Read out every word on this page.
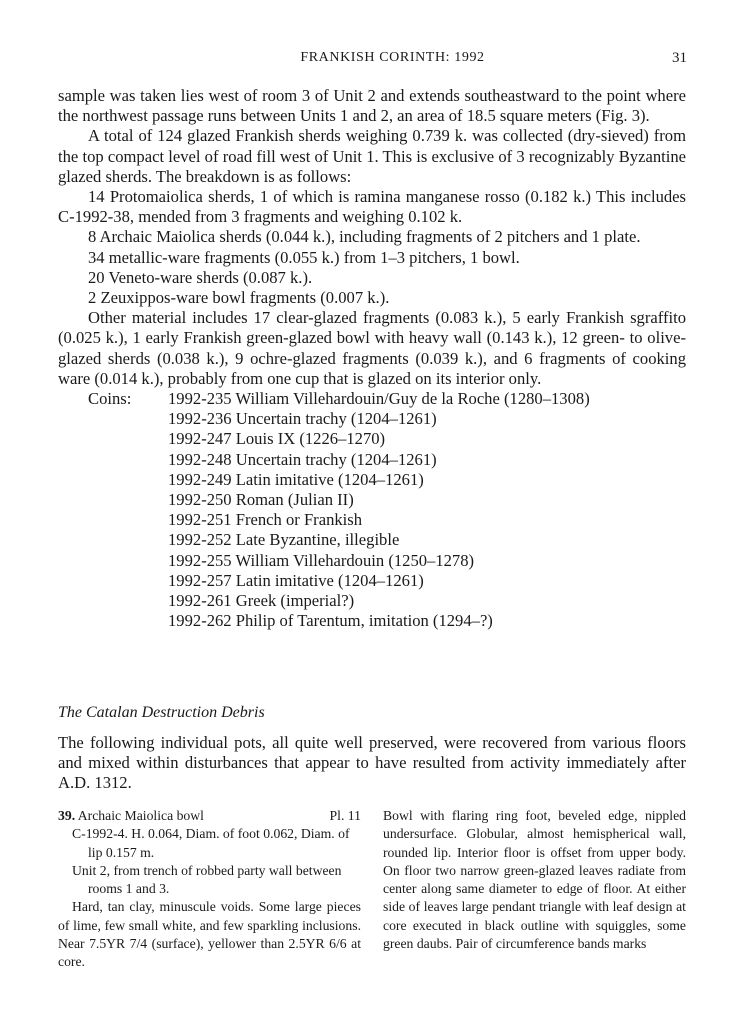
FRANKISH CORINTH: 1992	31

sample was taken lies west of room 3 of Unit 2 and extends southeastward to the point where the northwest passage runs between Units 1 and 2, an area of 18.5 square meters (Fig. 3).

A total of 124 glazed Frankish sherds weighing 0.739 k. was collected (dry-sieved) from the top compact level of road fill west of Unit 1. This is exclusive of 3 recognizably Byzantine glazed sherds. The breakdown is as follows:

14 Protomaiolica sherds, 1 of which is ramina manganese rosso (0.182 k.) This includes C-1992-38, mended from 3 fragments and weighing 0.102 k.

8 Archaic Maiolica sherds (0.044 k.), including fragments of 2 pitchers and 1 plate.

34 metallic-ware fragments (0.055 k.) from 1–3 pitchers, 1 bowl.

20 Veneto-ware sherds (0.087 k.).

2 Zeuxippos-ware bowl fragments (0.007 k.).

Other material includes 17 clear-glazed fragments (0.083 k.), 5 early Frankish sgraffito (0.025 k.), 1 early Frankish green-glazed bowl with heavy wall (0.143 k.), 12 green- to olive-glazed sherds (0.038 k.), 9 ochre-glazed fragments (0.039 k.), and 6 fragments of cooking ware (0.014 k.), probably from one cup that is glazed on its interior only.

Coins:	1992-235 William Villehardouin/Guy de la Roche (1280–1308)
1992-236 Uncertain trachy (1204–1261)
1992-247 Louis IX (1226–1270)
1992-248 Uncertain trachy (1204–1261)
1992-249 Latin imitative (1204–1261)
1992-250 Roman (Julian II)
1992-251 French or Frankish
1992-252 Late Byzantine, illegible
1992-255 William Villehardouin (1250–1278)
1992-257 Latin imitative (1204–1261)
1992-261 Greek (imperial?)
1992-262 Philip of Tarentum, imitation (1294–?)
The Catalan Destruction Debris

The following individual pots, all quite well preserved, were recovered from various floors and mixed within disturbances that appear to have resulted from activity immediately after A.D. 1312.

39. Archaic Maiolica bowl	Pl. 11

C-1992-4. H. 0.064, Diam. of foot 0.062, Diam. of lip 0.157 m.

Unit 2, from trench of robbed party wall between rooms 1 and 3.

Hard, tan clay, minuscule voids. Some large pieces of lime, few small white, and few sparkling inclusions. Near 7.5YR 7/4 (surface), yellower than 2.5YR 6/6 at core.

Bowl with flaring ring foot, beveled edge, nippled undersurface. Globular, almost hemispherical wall, rounded lip. Interior floor is offset from upper body. On floor two narrow green-glazed leaves radiate from center along same diameter to edge of floor. At either side of leaves large pendant triangle with leaf design at core executed in black outline with squiggles, some green daubs. Pair of circumference bands marks
